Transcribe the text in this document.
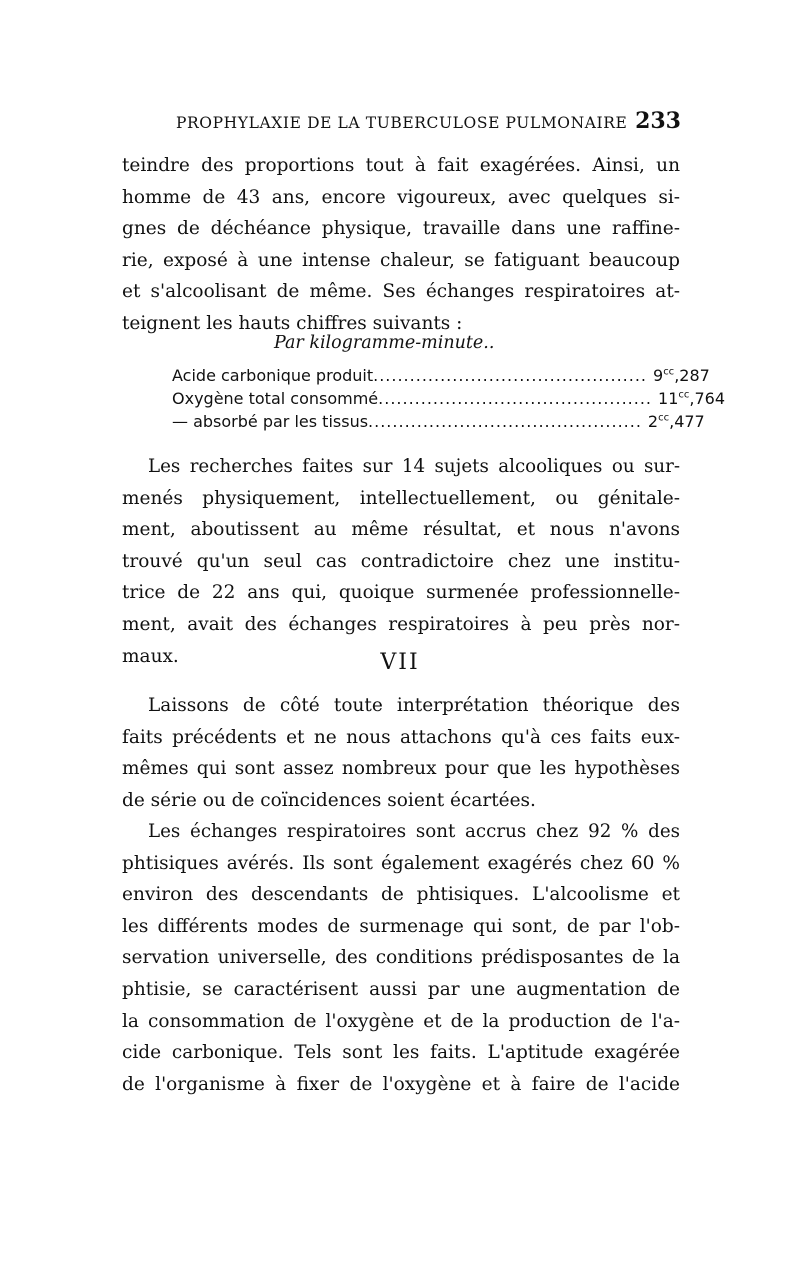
PROPHYLAXIE DE LA TUBERCULOSE PULMONAIRE 233
teindre des proportions tout à fait exagérées. Ainsi, un
homme de 43 ans, encore vigoureux, avec quelques si-
gnes de déchéance physique, travaille dans une raffine-
rie, exposé à une intense chaleur, se fatiguant beaucoup
et s'alcoolisant de même. Ses échanges respiratoires at-
teignent les hauts chiffres suivants :
Par kilogramme-minute..
Acide carbonique produit ............................................. $9^{cc},287$
Oxygène total consommé ............................................. $11^{cc},764$
— absorbé par les tissus ............................................. $2^{cc},477$
Les recherches faites sur 14 sujets alcooliques ou sur-
menés physiquement, intellectuellement, ou génitale-
ment, aboutissent au même résultat, et nous n'avons
trouvé qu'un seul cas contradictoire chez une institu-
trice de 22 ans qui, quoique surmenée professionnelle-
ment, avait des échanges respiratoires à peu près nor-
maux.	VII
Laissons de côté toute interprétation théorique des
faits précédents et ne nous attachons qu'à ces faits eux-
mêmes qui sont assez nombreux pour que les hypothèses
de série ou de coïncidences soient écartées.
Les échanges respiratoires sont accrus chez 92 % des
phtisiques avérés. Ils sont également exagérés chez 60 %
environ des descendants de phtisiques. L'alcoolisme et
les différents modes de surmenage qui sont, de par l'ob-
servation universelle, des conditions prédisposantes de la
phtisie, se caractérisent aussi par une augmentation de
la consommation de l'oxygène et de la production de l'a-
cide carbonique. Tels sont les faits. L'aptitude exagérée
de l'organisme à fixer de l'oxygène et à faire de l'acide
